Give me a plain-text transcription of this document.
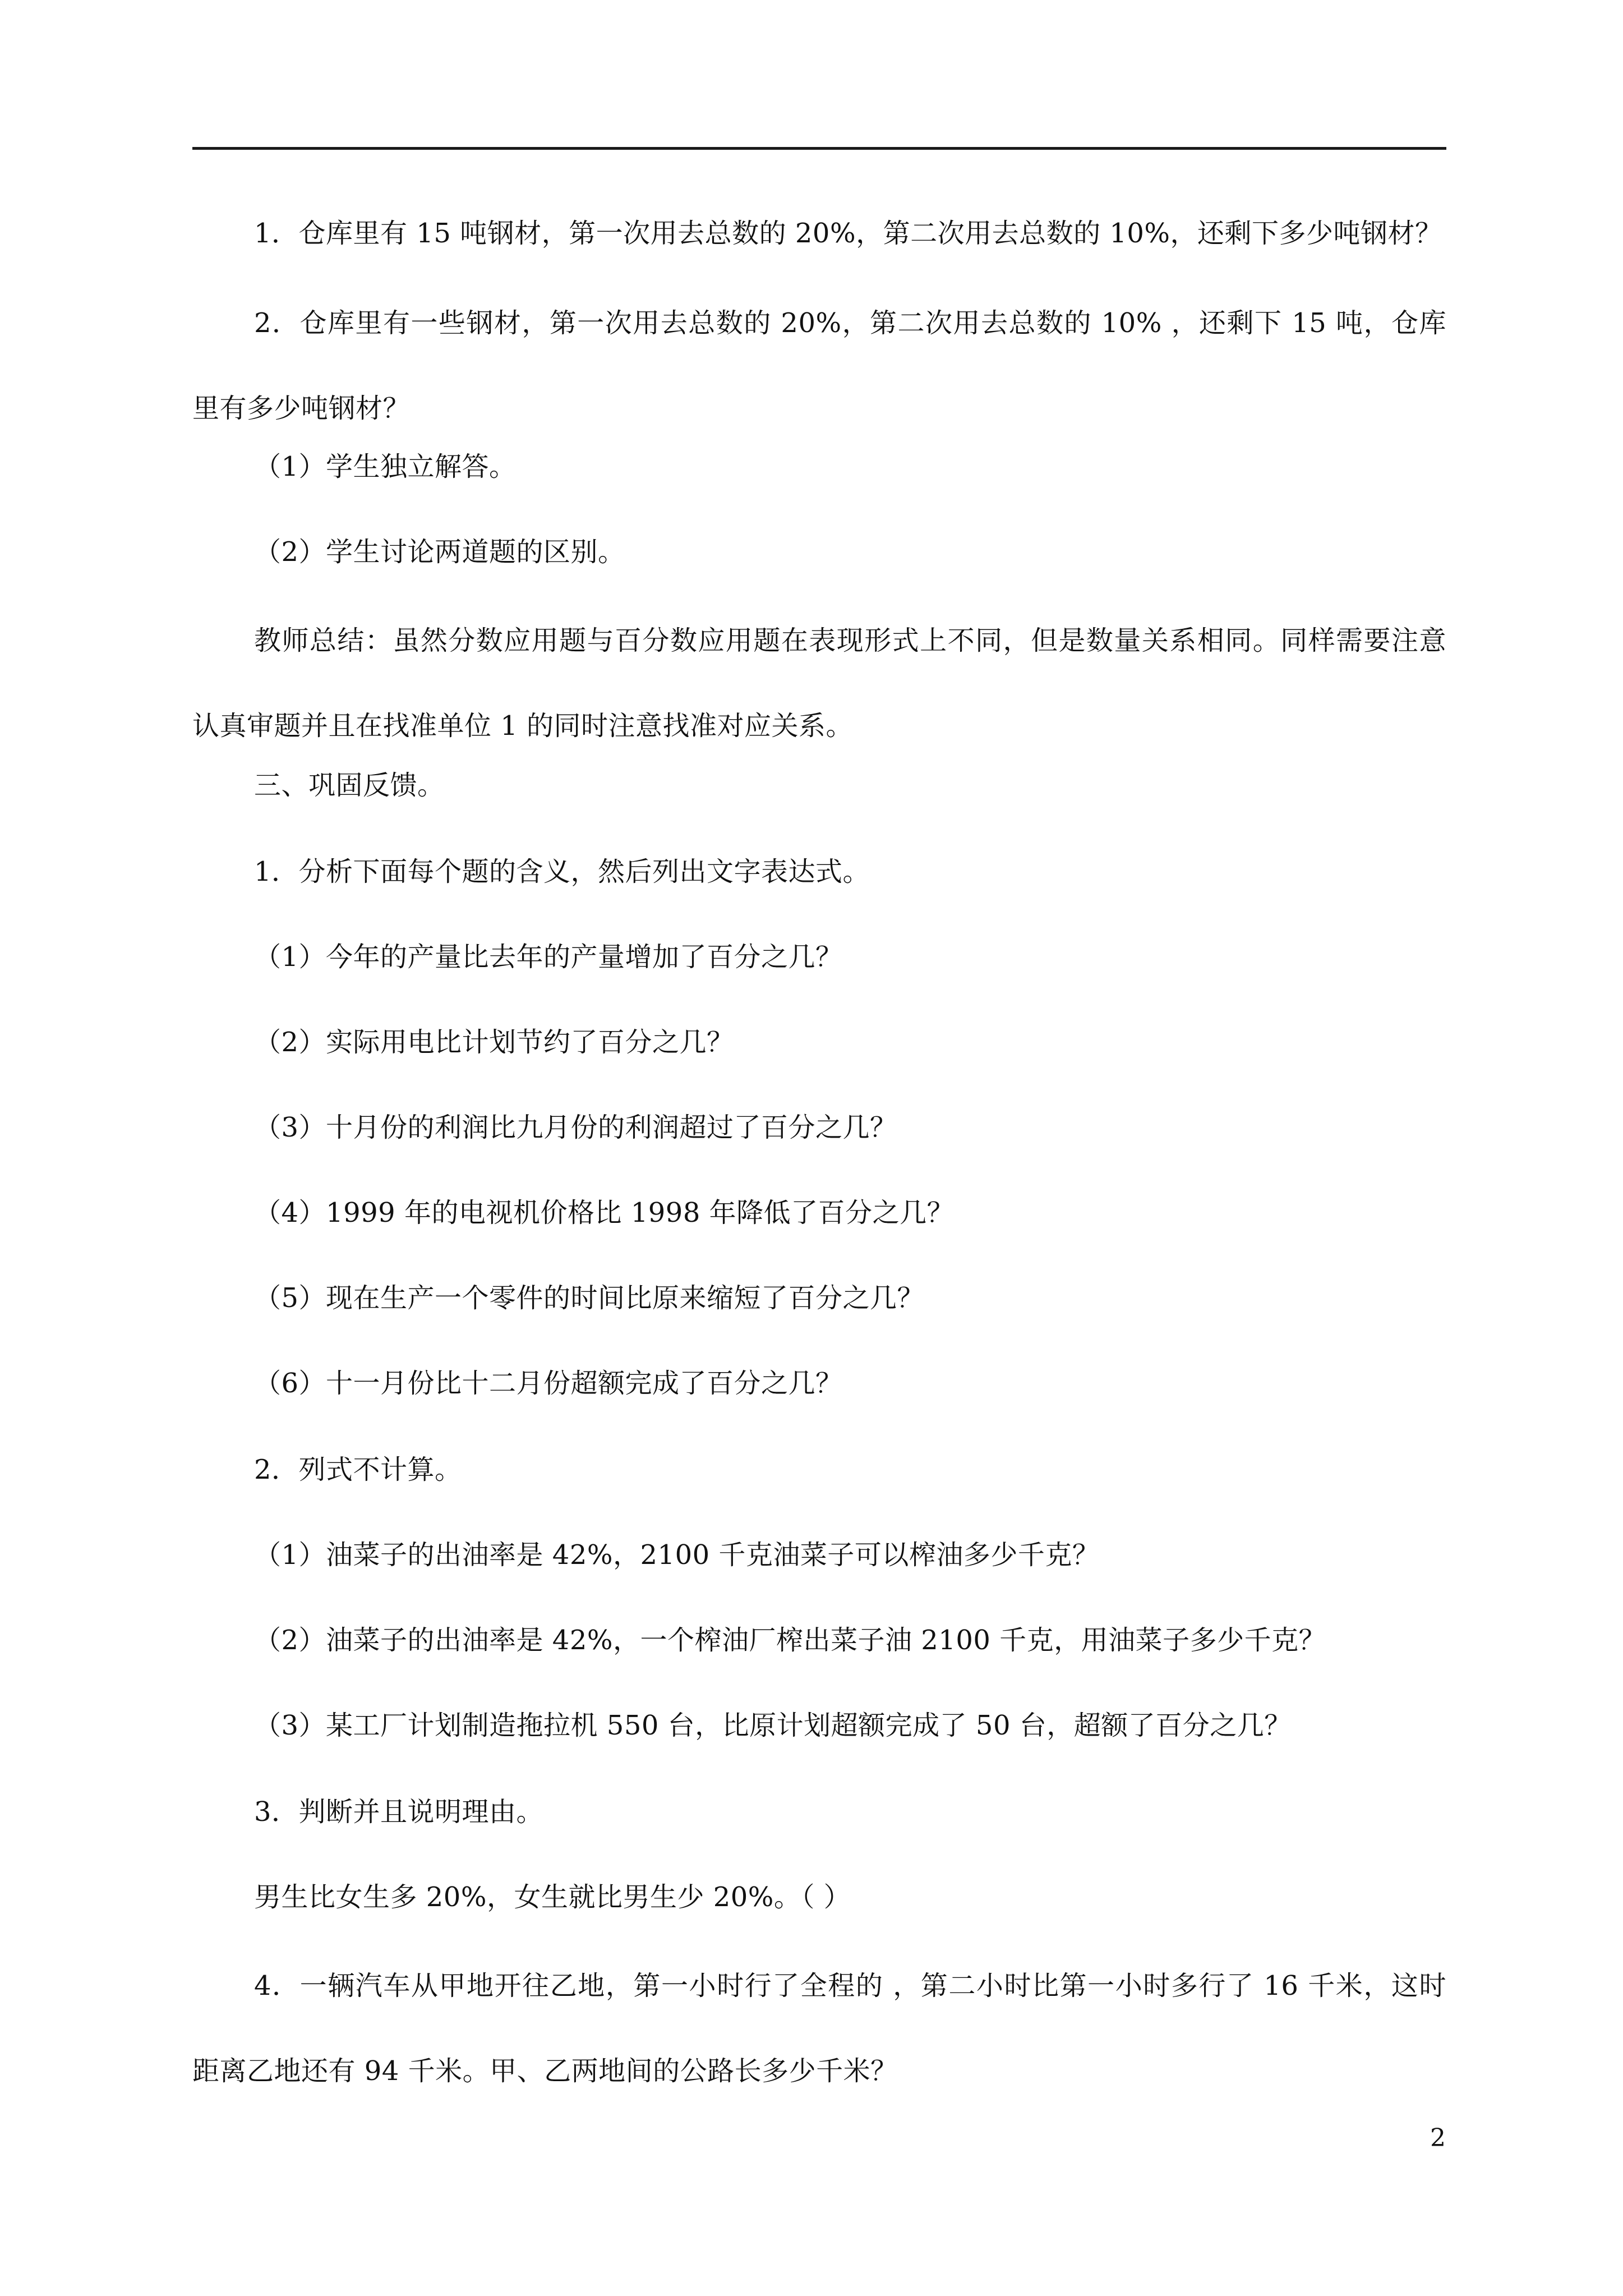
1．仓库里有 15 吨钢材，第一次用去总数的 20%，第二次用去总数的 10%，还剩下多少吨钢材？

2．仓库里有一些钢材，第一次用去总数的 20%，第二次用去总数的 10% ，还剩下 15 吨，仓库里有多少吨钢材？

（1）学生独立解答。

（2）学生讨论两道题的区别。

教师总结：虽然分数应用题与百分数应用题在表现形式上不同，但是数量关系相同。同样需要注意认真审题并且在找准单位 1 的同时注意找准对应关系。

三、巩固反馈。

1．分析下面每个题的含义，然后列出文字表达式。

（1）今年的产量比去年的产量增加了百分之几？

（2）实际用电比计划节约了百分之几？

（3）十月份的利润比九月份的利润超过了百分之几？

（4）1999 年的电视机价格比 1998 年降低了百分之几？

（5）现在生产一个零件的时间比原来缩短了百分之几？

（6）十一月份比十二月份超额完成了百分之几？

2．列式不计算。

（1）油菜子的出油率是 42%，2100 千克油菜子可以榨油多少千克？

（2）油菜子的出油率是 42%，一个榨油厂榨出菜子油 2100 千克，用油菜子多少千克？

（3）某工厂计划制造拖拉机 550 台，比原计划超额完成了 50 台，超额了百分之几？

3．判断并且说明理由。

男生比女生多 20%，女生就比男生少 20%。（ ）

4．一辆汽车从甲地开往乙地，第一小时行了全程的 ，第二小时比第一小时多行了 16 千米，这时距离乙地还有 94 千米。甲、乙两地间的公路长多少千米？

2
